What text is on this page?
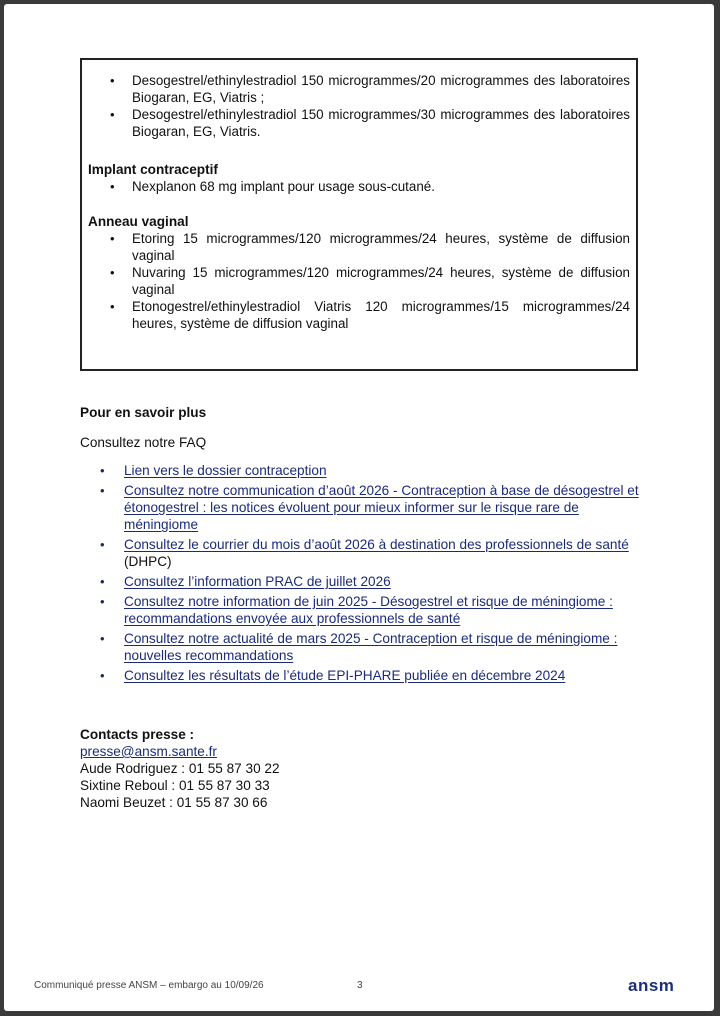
• Desogestrel/ethinylestradiol 150 microgrammes/20 microgrammes des laboratoires Biogaran, EG, Viatris ;
• Desogestrel/ethinylestradiol 150 microgrammes/30 microgrammes des laboratoires Biogaran, EG, Viatris.
Implant contraceptif
• Nexplanon 68 mg implant pour usage sous-cutané.
Anneau vaginal
• Etoring 15 microgrammes/120 microgrammes/24 heures, système de diffusion vaginal
• Nuvaring 15 microgrammes/120 microgrammes/24 heures, système de diffusion vaginal
• Etonogestrel/ethinylestradiol Viatris 120 microgrammes/15 microgrammes/24 heures, système de diffusion vaginal
Pour en savoir plus
Consultez notre FAQ
• Lien vers le dossier contraception
• Consultez notre communication d’août 2026 - Contraception à base de désogestrel et étonogestrel : les notices évoluent pour mieux informer sur le risque rare de méningiome
• Consultez le courrier du mois d’août 2026 à destination des professionnels de santé (DHPC)
• Consultez l’information PRAC de juillet 2026
• Consultez notre information de juin 2025 - Désogestrel et risque de méningiome : recommandations envoyée aux professionnels de santé
• Consultez notre actualité de mars 2025 - Contraception et risque de méningiome : nouvelles recommandations
• Consultez les résultats de l’étude EPI-PHARE publiée en décembre 2024
Contacts presse :
presse@ansm.sante.fr
Aude Rodriguez : 01 55 87 30 22
Sixtine Reboul : 01 55 87 30 33
Naomi Beuzet : 01 55 87 30 66
Communiqué presse ANSM – embargo au 10/09/26	3	ansm
